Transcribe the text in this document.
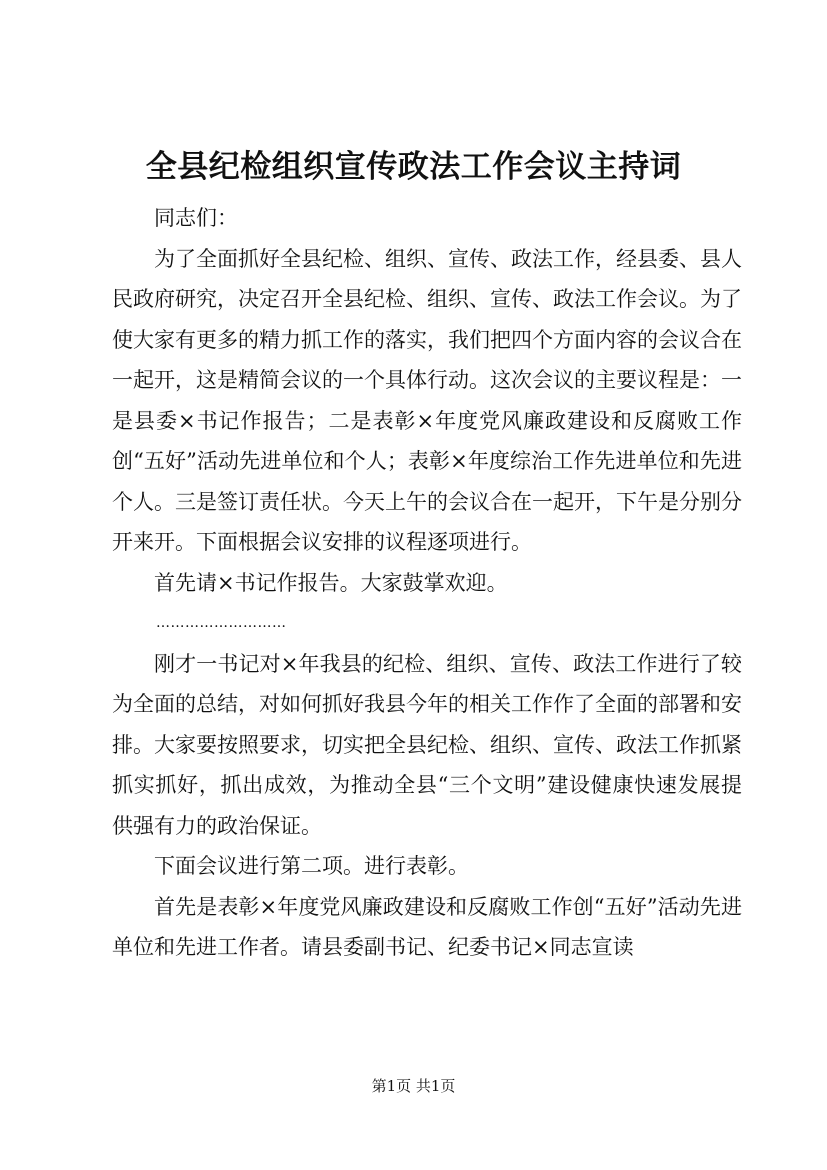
全县纪检组织宣传政法工作会议主持词

同志们：

为了全面抓好全县纪检、组织、宣传、政法工作，经县委、县人民政府研究，决定召开全县纪检、组织、宣传、政法工作会议。为了使大家有更多的精力抓工作的落实，我们把四个方面内容的会议合在一起开，这是精简会议的一个具体行动。这次会议的主要议程是：一是县委×书记作报告；二是表彰×年度党风廉政建设和反腐败工作创“五好”活动先进单位和个人；表彰×年度综治工作先进单位和先进个人。三是签订责任状。今天上午的会议合在一起开，下午是分别分开来开。下面根据会议安排的议程逐项进行。

首先请×书记作报告。大家鼓掌欢迎。

………………………

刚才一书记对×年我县的纪检、组织、宣传、政法工作进行了较为全面的总结，对如何抓好我县今年的相关工作作了全面的部署和安排。大家要按照要求，切实把全县纪检、组织、宣传、政法工作抓紧抓实抓好，抓出成效，为推动全县“三个文明”建设健康快速发展提供强有力的政治保证。

下面会议进行第二项。进行表彰。

首先是表彰×年度党风廉政建设和反腐败工作创“五好”活动先进单位和先进工作者。请县委副书记、纪委书记×同志宣读

第1页 共1页
